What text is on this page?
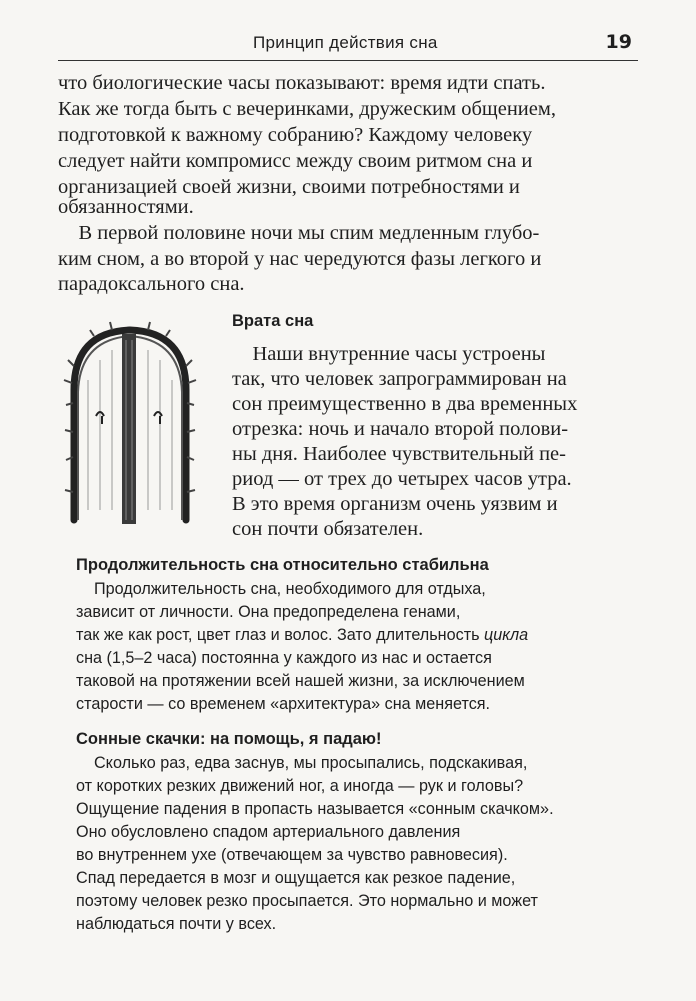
Принцип действия сна	19
что биологические часы показывают: время идти спать.
Как же тогда быть с вечеринками, дружеским общением,
подготовкой к важному собранию? Каждому человеку
следует найти компромисс между своим ритмом сна и
организацией своей жизни, своими потребностями и
обязанностями.
В первой половине ночи мы спим медленным глубо-
ким сном, а во второй у нас чередуются фазы легкого и
парадоксального сна.
Врата сна
Наши внутренние часы устроены
так, что человек запрограммирован на
сон преимущественно в два временных
отрезка: ночь и начало второй полови-
ны дня. Наиболее чувствительный пе-
риод — от трех до четырех часов утра.
В это время организм очень уязвим и
сон почти обязателен.
Продолжительность сна относительно стабильна
Продолжительность сна, необходимого для отдыха,
зависит от личности. Она предопределена генами,
так же как рост, цвет глаз и волос. Зато длительность цикла
сна (1,5–2 часа) постоянна у каждого из нас и остается
таковой на протяжении всей нашей жизни, за исключением
старости — со временем «архитектура» сна меняется.
Сонные скачки: на помощь, я падаю!
Сколько раз, едва заснув, мы просыпались, подскакивая,
от коротких резких движений ног, а иногда — рук и головы?
Ощущение падения в пропасть называется «сонным скачком».
Оно обусловлено спадом артериального давления
во внутреннем ухе (отвечающем за чувство равновесия).
Спад передается в мозг и ощущается как резкое падение,
поэтому человек резко просыпается. Это нормально и может
наблюдаться почти у всех.
